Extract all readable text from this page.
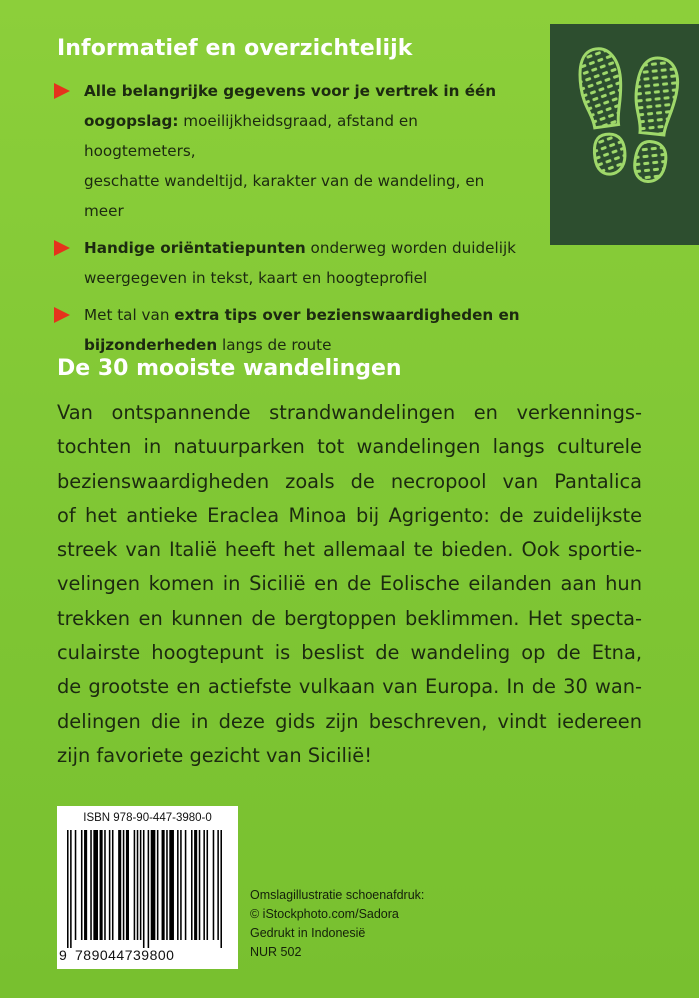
Informatief en overzichtelijk
Alle belangrijke gegevens voor je vertrek in één
oogopslag: moeilijkheidsgraad, afstand en hoogtemeters,
geschatte wandeltijd, karakter van de wandeling, en meer
Handige oriëntatiepunten onderweg worden duidelijk
weergegeven in tekst, kaart en hoogteprofiel
Met tal van extra tips over bezienswaardigheden en
bijzonderheden langs de route
De 30 mooiste wandelingen
Van ontspannende strandwandelingen en verkennings-
tochten in natuurparken tot wandelingen langs culturele
bezienswaardigheden zoals de necropool van Pantalica
of het antieke Eraclea Minoa bij Agrigento: de zuidelijkste
streek van Italië heeft het allemaal te bieden. Ook sportie-
velingen komen in Sicilië en de Eolische eilanden aan hun
trekken en kunnen de bergtoppen beklimmen. Het specta-
culairste hoogtepunt is beslist de wandeling op de Etna,
de grootste en actiefste vulkaan van Europa. In de 30 wan-
delingen die in deze gids zijn beschreven, vindt iedereen
zijn favoriete gezicht van Sicilië!
ISBN 978-90-447-3980-0
9 789044739800
Omslagillustratie schoenafdruk:
© iStockphoto.com/Sadora
Gedrukt in Indonesië
NUR 502
